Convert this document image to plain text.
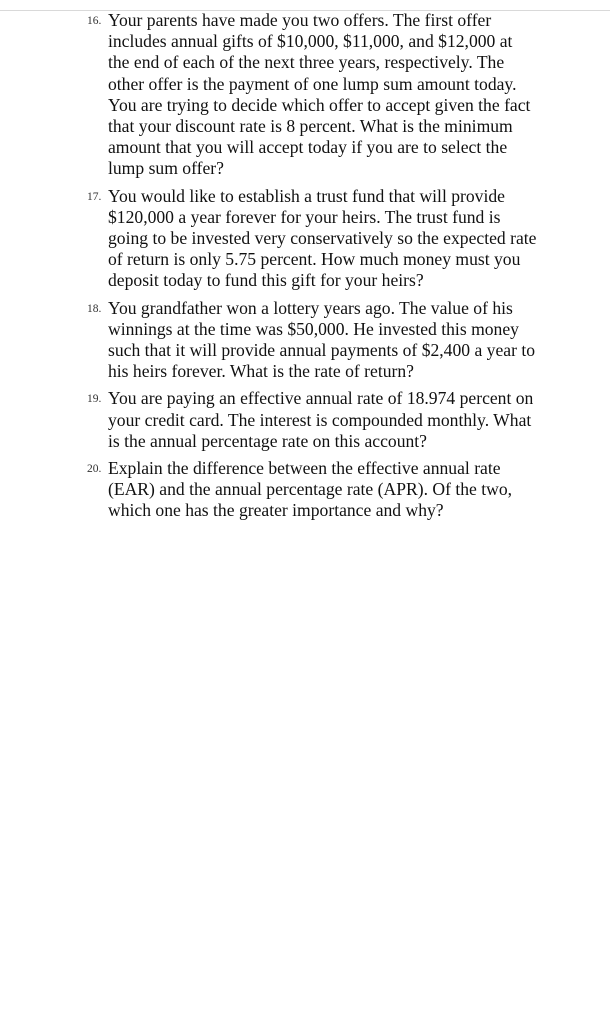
16. Your parents have made you two offers. The first offer includes annual gifts of $10,000, $11,000, and $12,000 at the end of each of the next three years, respectively. The other offer is the payment of one lump sum amount today. You are trying to decide which offer to accept given the fact that your discount rate is 8 percent. What is the minimum amount that you will accept today if you are to select the lump sum offer?
17. You would like to establish a trust fund that will provide $120,000 a year forever for your heirs. The trust fund is going to be invested very conservatively so the expected rate of return is only 5.75 percent. How much money must you deposit today to fund this gift for your heirs?
18. You grandfather won a lottery years ago. The value of his winnings at the time was $50,000. He invested this money such that it will provide annual payments of $2,400 a year to his heirs forever. What is the rate of return?
19. You are paying an effective annual rate of 18.974 percent on your credit card. The interest is compounded monthly. What is the annual percentage rate on this account?
20. Explain the difference between the effective annual rate (EAR) and the annual percentage rate (APR). Of the two, which one has the greater importance and why?
